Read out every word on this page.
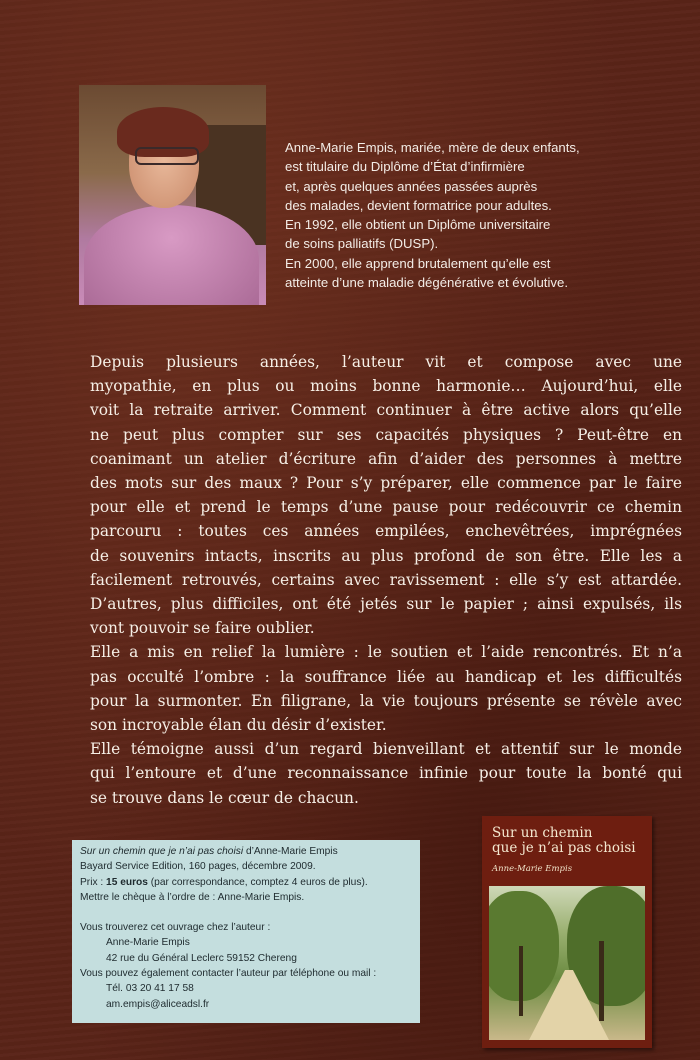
Anne-Marie Empis, mariée, mère de deux enfants,
est titulaire du Diplôme d’État d’infirmière
et, après quelques années passées auprès
des malades, devient formatrice pour adultes.
En 1992, elle obtient un Diplôme universitaire
de soins palliatifs (DUSP).
En 2000, elle apprend brutalement qu’elle est
atteinte d’une maladie dégénérative et évolutive.

Depuis plusieurs années, l’auteur vit et compose avec une
myopathie, en plus ou moins bonne harmonie… Aujourd’hui, elle
voit la retraite arriver. Comment continuer à être active alors qu’elle
ne peut plus compter sur ses capacités physiques ? Peut-être en
coanimant un atelier d’écriture afin d’aider des personnes à mettre
des mots sur des maux ? Pour s’y préparer, elle commence par le faire
pour elle et prend le temps d’une pause pour redécouvrir ce chemin
parcouru : toutes ces années empilées, enchevêtrées, imprégnées
de souvenirs intacts, inscrits au plus profond de son être. Elle les a
facilement retrouvés, certains avec ravissement : elle s’y est attardée.
D’autres, plus difficiles, ont été jetés sur le papier ; ainsi expulsés, ils
vont pouvoir se faire oublier.

Elle a mis en relief la lumière : le soutien et l’aide rencontrés. Et n’a
pas occulté l’ombre : la souffrance liée au handicap et les difficultés
pour la surmonter. En filigrane, la vie toujours présente se révèle avec
son incroyable élan du désir d’exister.

Elle témoigne aussi d’un regard bienveillant et attentif sur le monde
qui l’entoure et d’une reconnaissance infinie pour toute la bonté qui
se trouve dans le cœur de chacun.

Sur un chemin que je n’ai pas choisi d’Anne-Marie Empis
Bayard Service Edition, 160 pages, décembre 2009.
Prix : 15 euros (par correspondance, comptez 4 euros de plus).
Mettre le chèque à l’ordre de : Anne-Marie Empis.
Vous trouverez cet ouvrage chez l’auteur :
Anne-Marie Empis
42 rue du Général Leclerc 59152 Chereng
Vous pouvez également contacter l’auteur par téléphone ou mail :
Tél. 03 20 41 17 58
am.empis@aliceadsl.fr
Sur un chemin
que je n’ai pas choisi
Anne-Marie Empis
